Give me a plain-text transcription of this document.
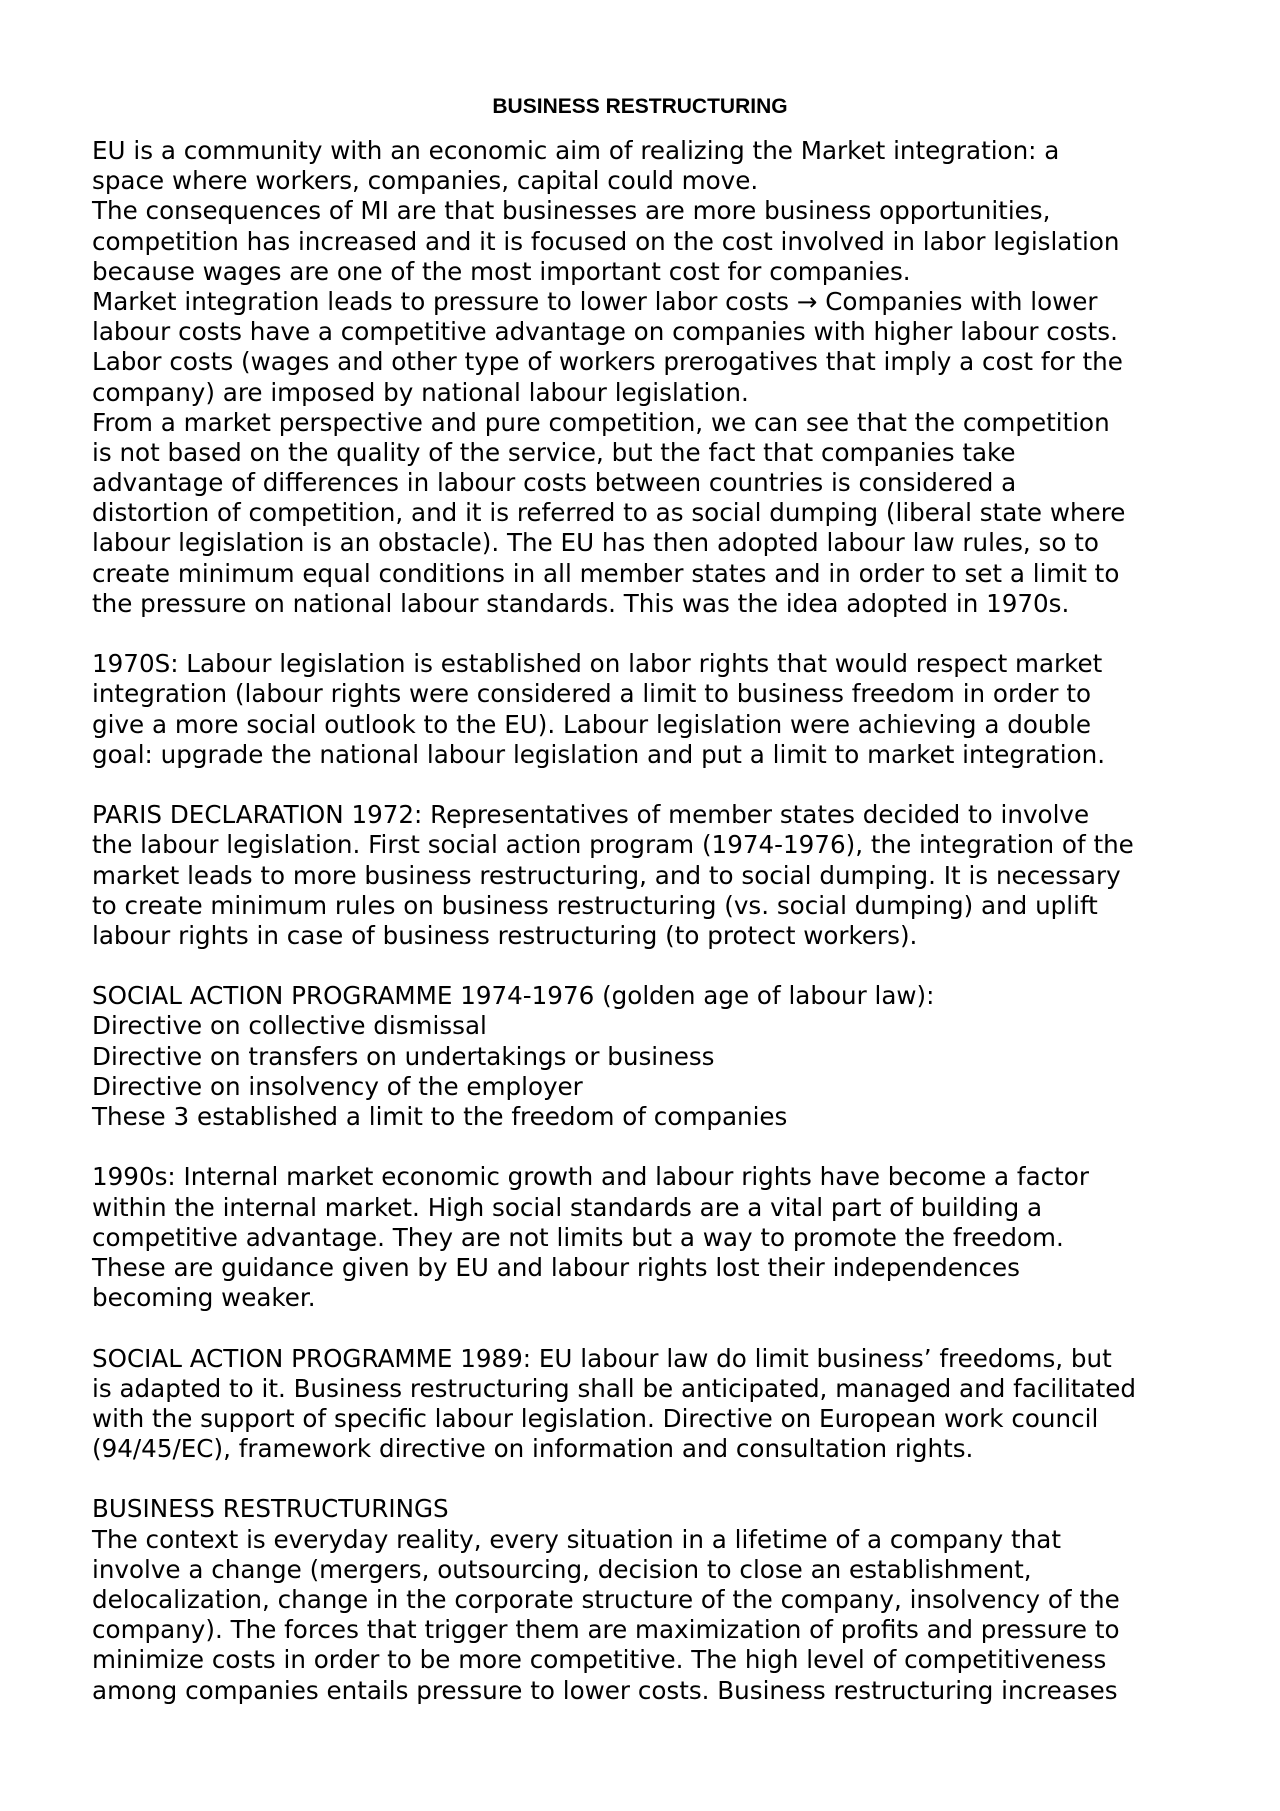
BUSINESS RESTRUCTURING
EU is a community with an economic aim of realizing the Market integration: a
space where workers, companies, capital could move.
The consequences of MI are that businesses are more business opportunities,
competition has increased and it is focused on the cost involved in labor legislation
because wages are one of the most important cost for companies.
Market integration leads to pressure to lower labor costs → Companies with lower
labour costs have a competitive advantage on companies with higher labour costs.
Labor costs (wages and other type of workers prerogatives that imply a cost for the
company) are imposed by national labour legislation.
From a market perspective and pure competition, we can see that the competition
is not based on the quality of the service, but the fact that companies take
advantage of differences in labour costs between countries is considered a
distortion of competition, and it is referred to as social dumping (liberal state where
labour legislation is an obstacle). The EU has then adopted labour law rules, so to
create minimum equal conditions in all member states and in order to set a limit to
the pressure on national labour standards. This was the idea adopted in 1970s.
1970S: Labour legislation is established on labor rights that would respect market
integration (labour rights were considered a limit to business freedom in order to
give a more social outlook to the EU). Labour legislation were achieving a double
goal: upgrade the national labour legislation and put a limit to market integration.
PARIS DECLARATION 1972: Representatives of member states decided to involve
the labour legislation. First social action program (1974-1976), the integration of the
market leads to more business restructuring, and to social dumping. It is necessary
to create minimum rules on business restructuring (vs. social dumping) and uplift
labour rights in case of business restructuring (to protect workers).
SOCIAL ACTION PROGRAMME 1974-1976 (golden age of labour law):
Directive on collective dismissal
Directive on transfers on undertakings or business
Directive on insolvency of the employer
These 3 established a limit to the freedom of companies
1990s: Internal market economic growth and labour rights have become a factor
within the internal market. High social standards are a vital part of building a
competitive advantage. They are not limits but a way to promote the freedom.
These are guidance given by EU and labour rights lost their independences
becoming weaker.
SOCIAL ACTION PROGRAMME 1989: EU labour law do limit business’ freedoms, but
is adapted to it. Business restructuring shall be anticipated, managed and facilitated
with the support of specific labour legislation. Directive on European work council
(94/45/EC), framework directive on information and consultation rights.
BUSINESS RESTRUCTURINGS
The context is everyday reality, every situation in a lifetime of a company that
involve a change (mergers, outsourcing, decision to close an establishment,
delocalization, change in the corporate structure of the company, insolvency of the
company). The forces that trigger them are maximization of profits and pressure to
minimize costs in order to be more competitive. The high level of competitiveness
among companies entails pressure to lower costs. Business restructuring increases
